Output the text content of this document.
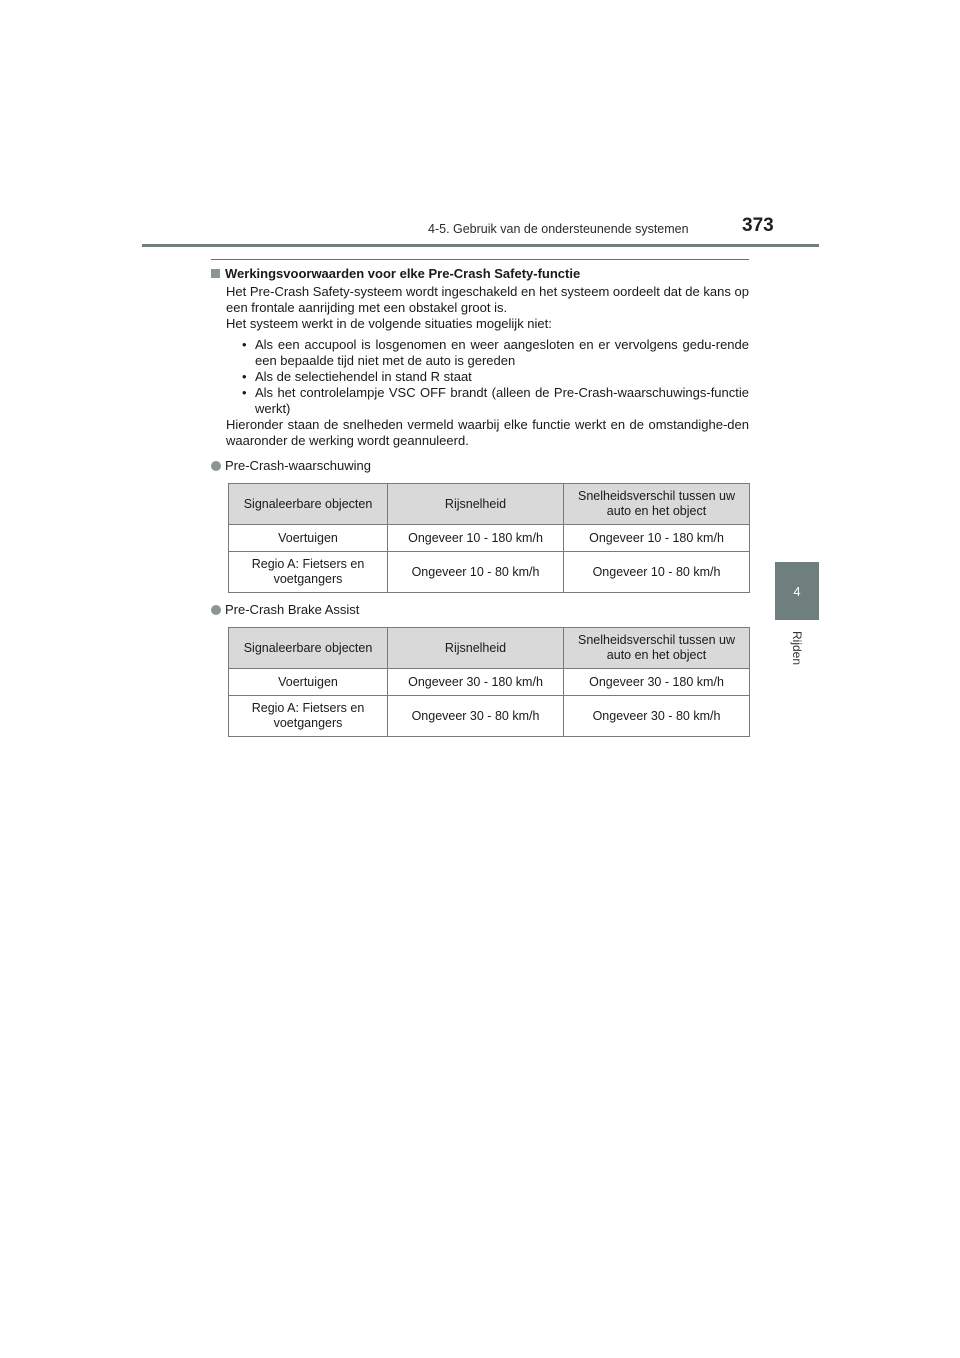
4-5. Gebruik van de ondersteunende systemen	373
4
Rijden
Werkingsvoorwaarden voor elke Pre-Crash Safety-functie

Het Pre-Crash Safety-systeem wordt ingeschakeld en het systeem oordeelt dat de kans op een frontale aanrijding met een obstakel groot is.

Het systeem werkt in de volgende situaties mogelijk niet:

• Als een accupool is losgenomen en weer aangesloten en er vervolgens gedu-rende een bepaalde tijd niet met de auto is gereden
• Als de selectiehendel in stand R staat
• Als het controlelampje VSC OFF brandt (alleen de Pre-Crash-waarschuwings-functie werkt)

Hieronder staan de snelheden vermeld waarbij elke functie werkt en de omstandighe-den waaronder de werking wordt geannuleerd.

Pre-Crash-waarschuwing
Signaleerbare objecten	Rijsnelheid	Snelheidsverschil tussen uw auto en het object
Voertuigen	Ongeveer 10 - 180 km/h	Ongeveer 10 - 180 km/h
Regio A: Fietsers en voetgangers	Ongeveer 10 - 80 km/h	Ongeveer 10 - 80 km/h
Pre-Crash Brake Assist
Signaleerbare objecten	Rijsnelheid	Snelheidsverschil tussen uw auto en het object
Voertuigen	Ongeveer 30 - 180 km/h	Ongeveer 30 - 180 km/h
Regio A: Fietsers en voetgangers	Ongeveer 30 - 80 km/h	Ongeveer 30 - 80 km/h
